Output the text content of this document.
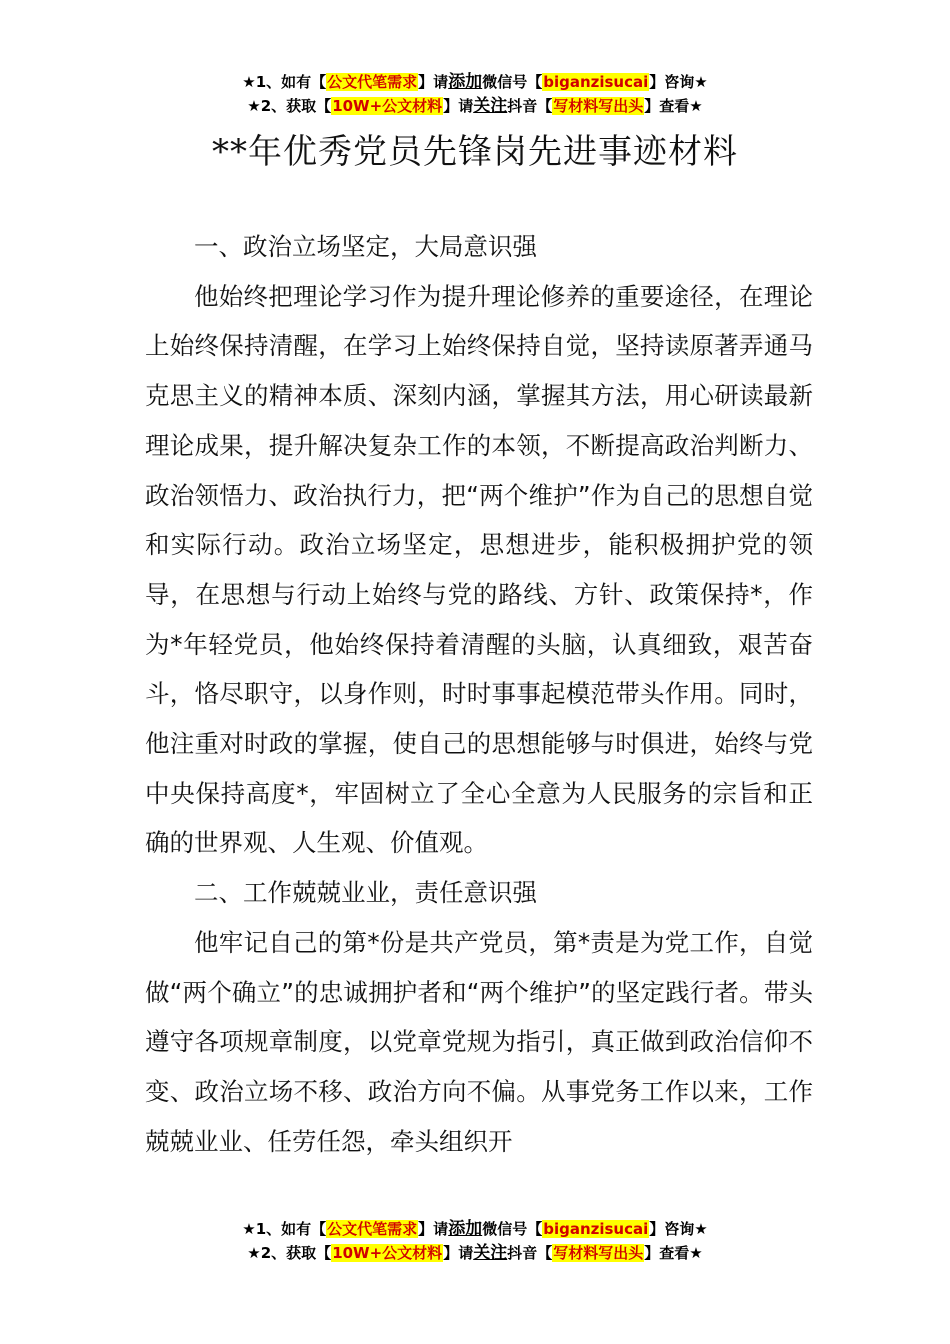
★1、如有【公文代笔需求】请添加微信号【biganzisucai】咨询★
★2、获取【10W+公文材料】请关注抖音【写材料写出头】查看★
**年优秀党员先锋岗先进事迹材料

一、政治立场坚定，大局意识强

他始终把理论学习作为提升理论修养的重要途径，在理论上始终保持清醒，在学习上始终保持自觉，坚持读原著弄通马克思主义的精神本质、深刻内涵，掌握其方法，用心研读最新理论成果，提升解决复杂工作的本领，不断提高政治判断力、政治领悟力、政治执行力，把“两个维护”作为自己的思想自觉和实际行动。政治立场坚定，思想进步，能积极拥护党的领导，在思想与行动上始终与党的路线、方针、政策保持*，作为*年轻党员，他始终保持着清醒的头脑，认真细致，艰苦奋斗，恪尽职守，以身作则，时时事事起模范带头作用。同时，他注重对时政的掌握，使自己的思想能够与时俱进，始终与党中央保持高度*，牢固树立了全心全意为人民服务的宗旨和正确的世界观、人生观、价值观。

二、工作兢兢业业，责任意识强

他牢记自己的第*份是共产党员，第*责是为党工作，自觉做“两个确立”的忠诚拥护者和“两个维护”的坚定践行者。带头遵守各项规章制度，以党章党规为指引，真正做到政治信仰不变、政治立场不移、政治方向不偏。从事党务工作以来，工作兢兢业业、任劳任怨，牵头组织开

★1、如有【公文代笔需求】请添加微信号【biganzisucai】咨询★
★2、获取【10W+公文材料】请关注抖音【写材料写出头】查看★
